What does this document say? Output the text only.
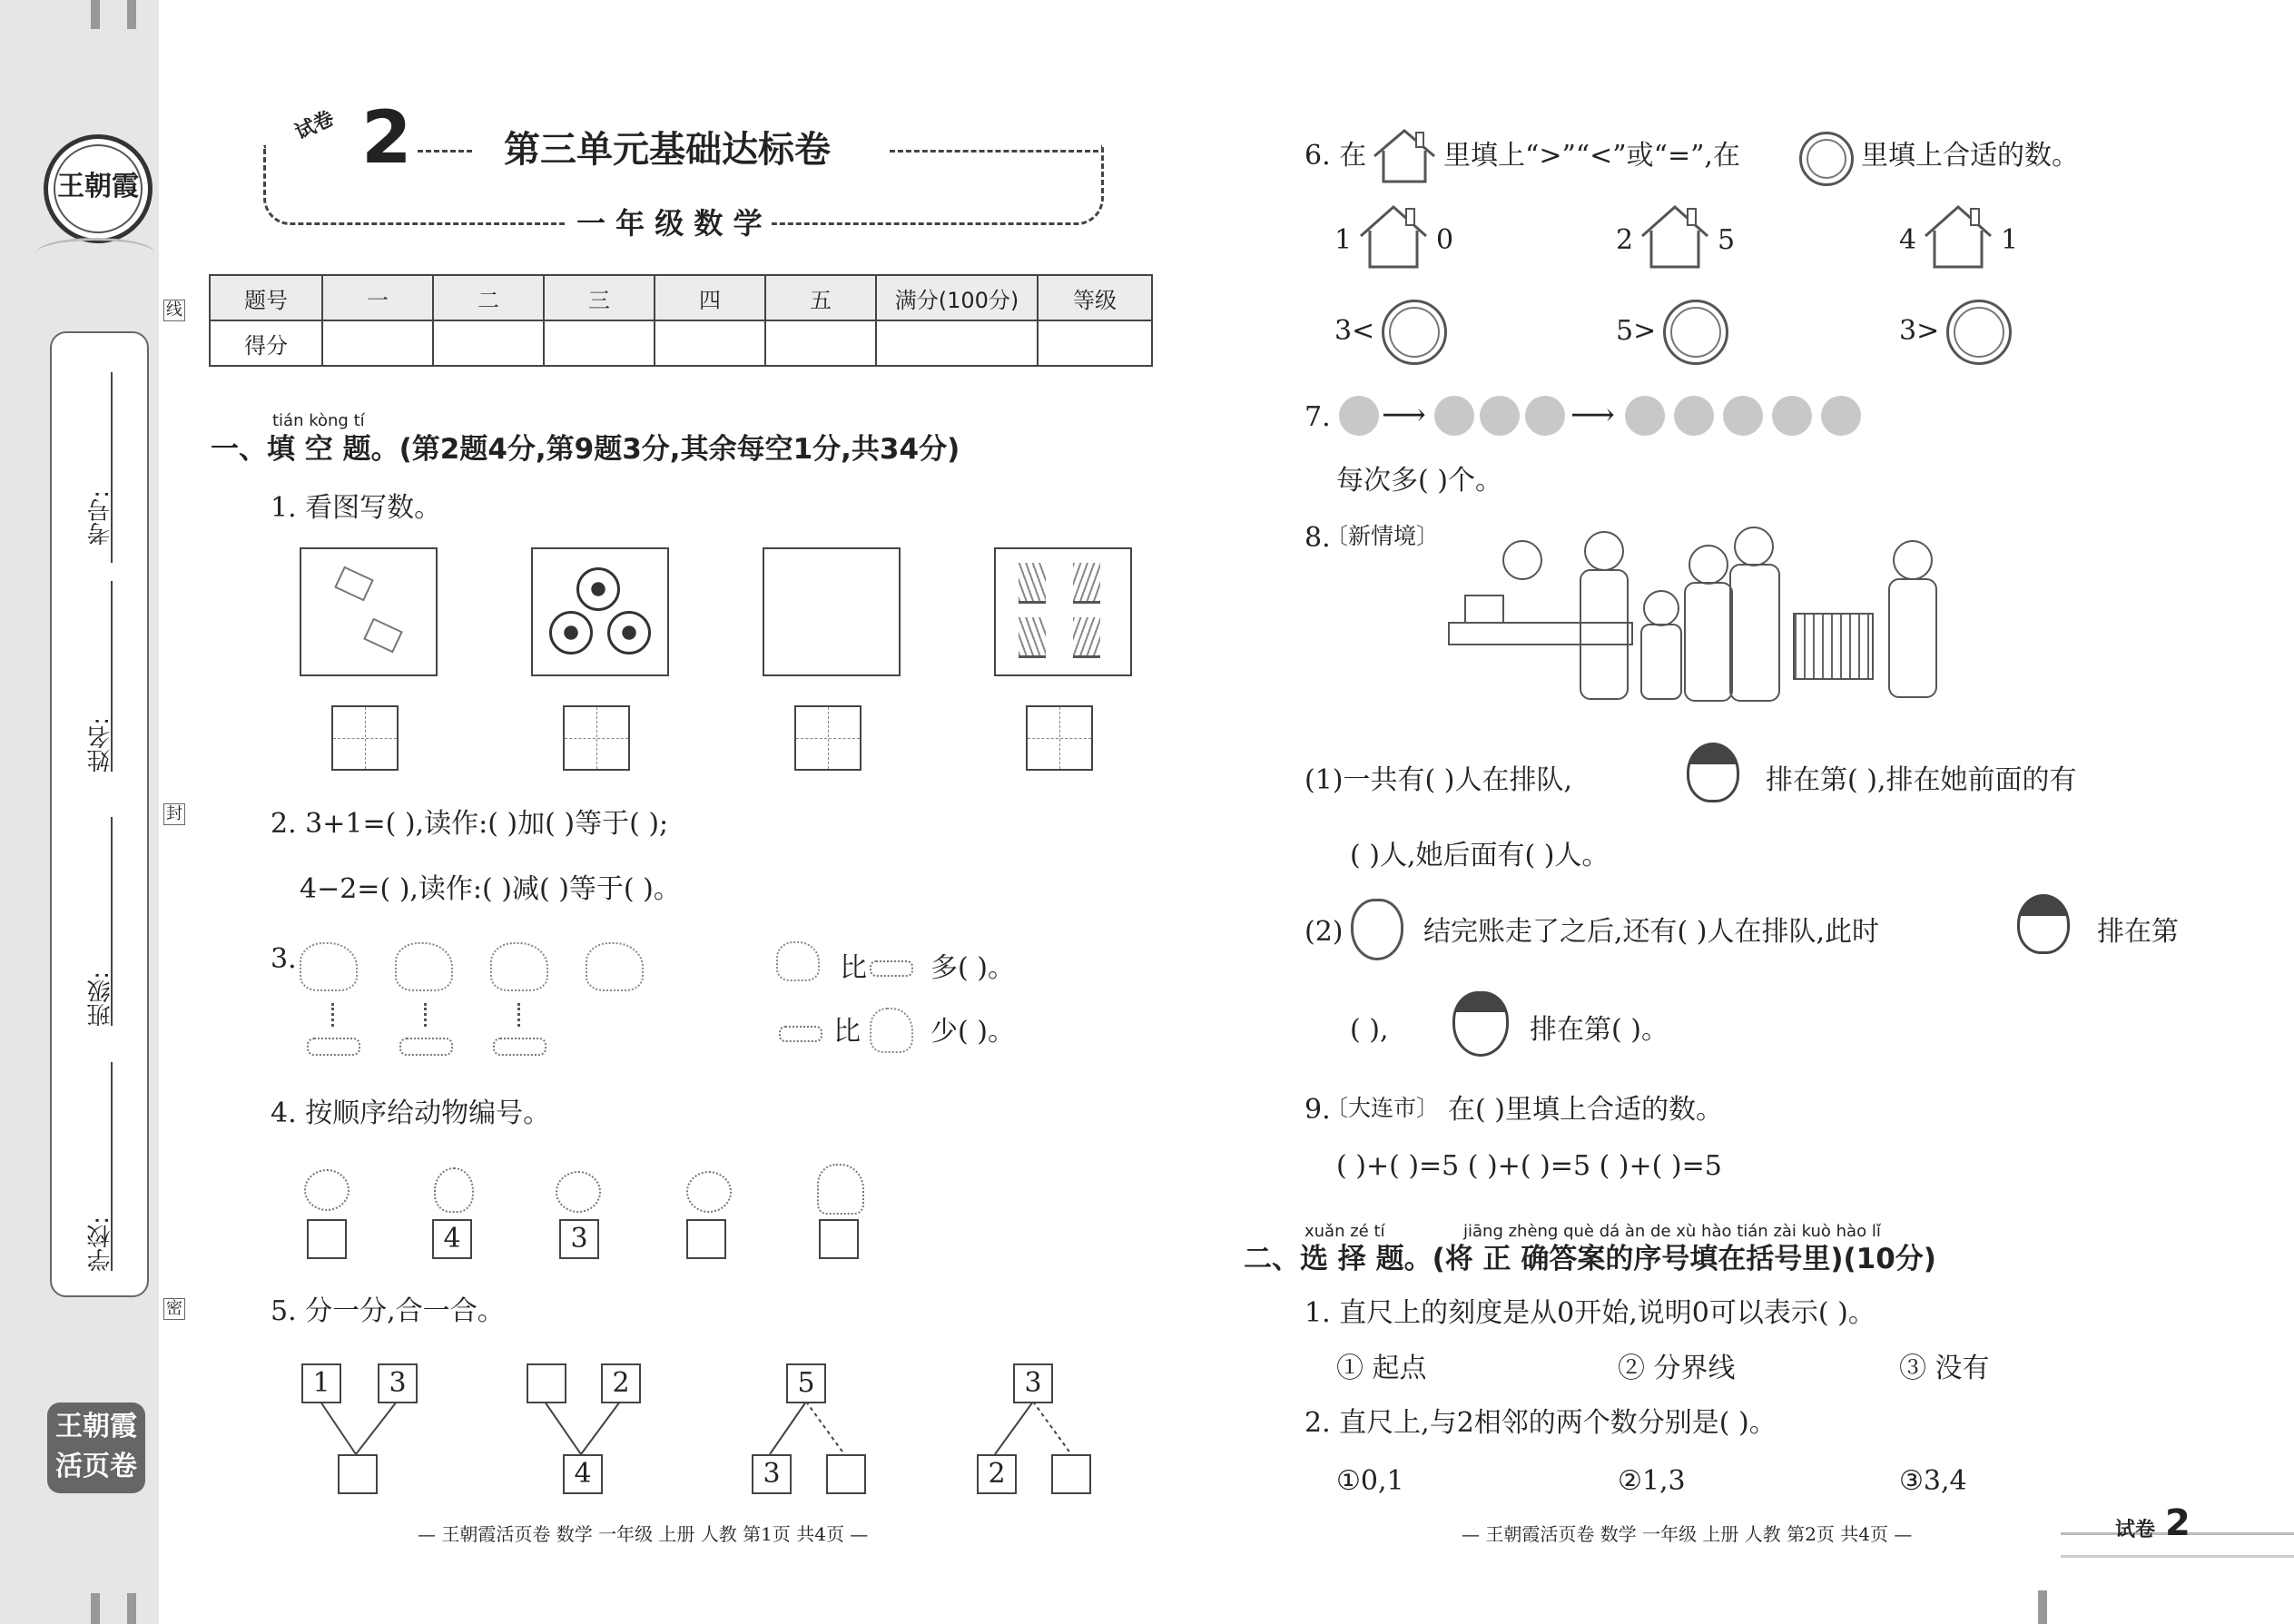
王朝霞
考号:
姓名:
班级:
学校:
线
封
密
王朝霞
活页卷
试卷 2	第三单元基础达标卷
一 年 级 数 学
题号	一	二	三	四	五	满分(100分)	等级
得分							
tián kòng tí
一、填 空 题。(第2题4分,第9题3分,其余每空1分,共34分)
1. 看图写数。
2. 3+1=( ),读作:( )加( )等于( );
4−2=( ),读作:( )减( )等于( )。
3.	比 多( )。
比	少( )。
4. 按顺序给动物编号。
4	3
5. 分一分,合一合。
1	3	2
4
5
3
3
2
— 王朝霞活页卷 数学 一年级 上册 人教 第1页 共4页 —
6. 在	里填上“>”“<”或“=”,在	里填上合适的数。
1	0	2	5	4	1
3<	5>	3>
7. ⟶	⟶
每次多( )个。
8.
〔新情境〕
(1)一共有( )人在排队,	排在第( ),排在她前面的有
( )人,她后面有( )人。
(2)	结完账走了之后,还有( )人在排队,此时	排在第
( ),	排在第( )。
9.
〔大连市〕 在( )里填上合适的数。
( )+( )=5 ( )+( )=5 ( )+( )=5
xuǎn zé tí	jiāng zhèng què dá àn de xù hào tián zài kuò hào lǐ
二、选 择 题。(将 正 确答案的序号填在括号里)(10分)
1. 直尺上的刻度是从0开始,说明0可以表示( )。
① 起点	② 分界线	③ 没有
2. 直尺上,与2相邻的两个数分别是( )。
①0,1	②1,3	③3,4
— 王朝霞活页卷 数学 一年级 上册 人教 第2页 共4页 —	试卷 2
